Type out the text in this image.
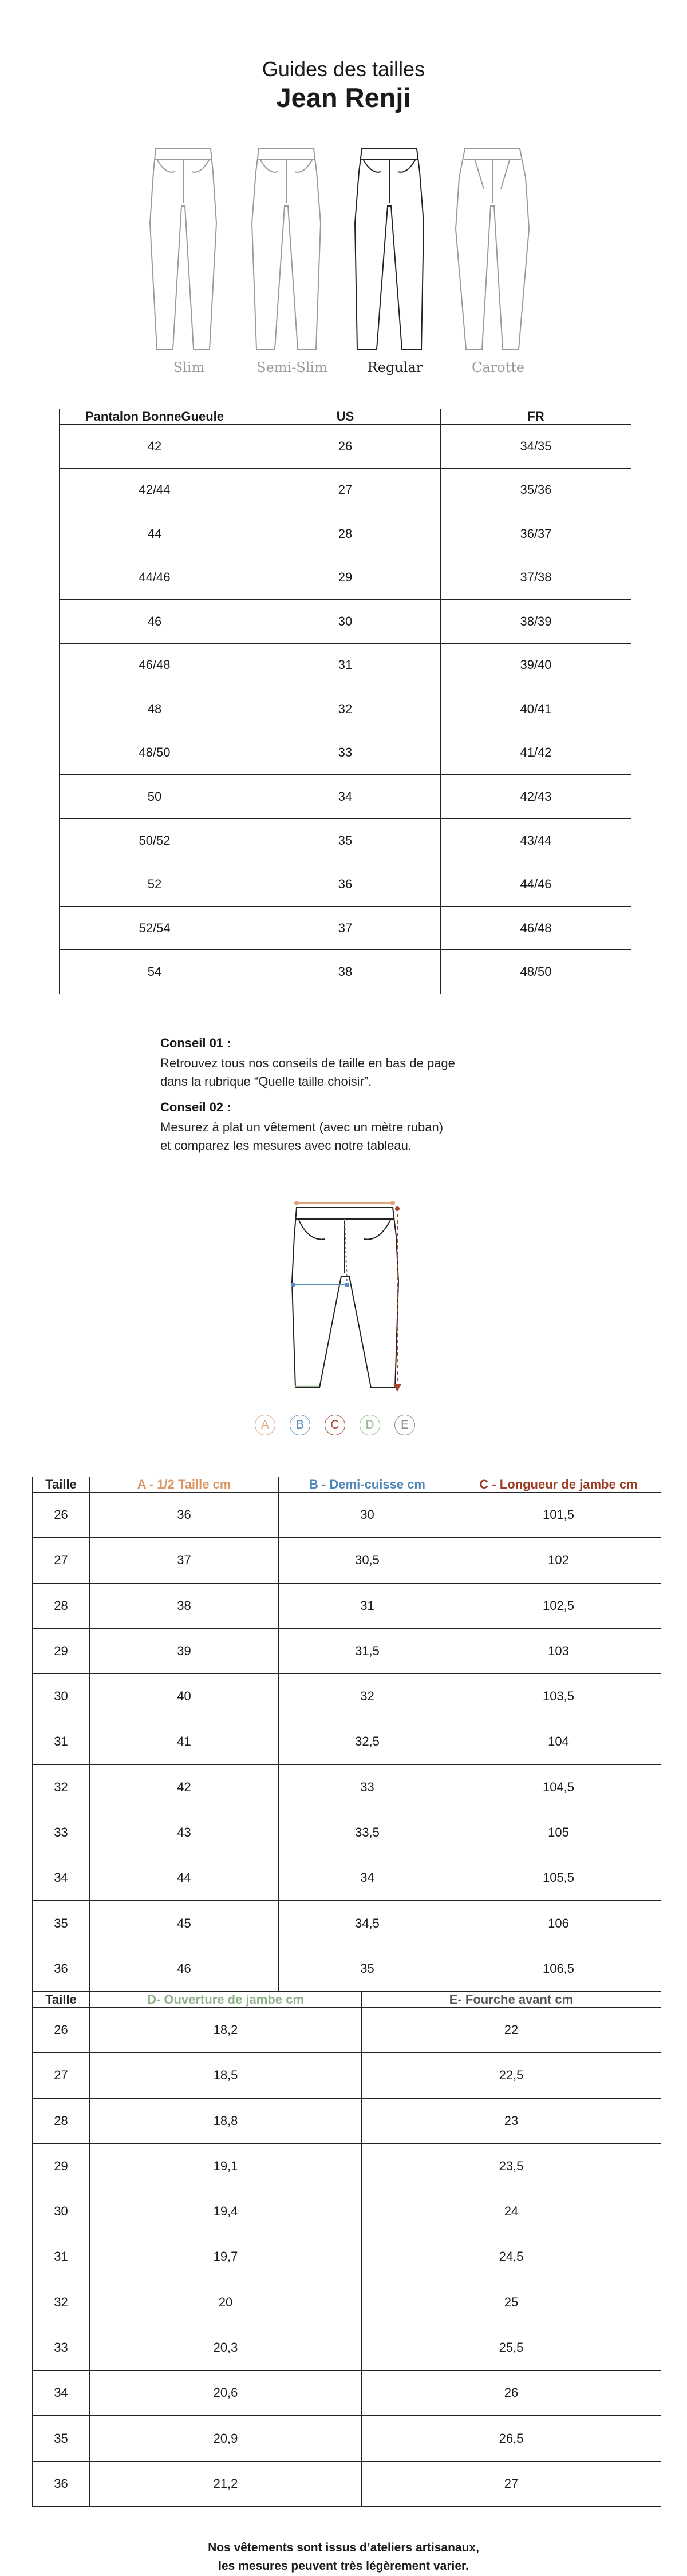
Guides des tailles
Jean Renji
Slim	Semi-Slim	Regular	Carotte
Pantalon BonneGueule	US	FR
42	26	34/35
42/44	27	35/36
44	28	36/37
44/46	29	37/38
46	30	38/39
46/48	31	39/40
48	32	40/41
48/50	33	41/42
50	34	42/43
50/52	35	43/44
52	36	44/46
52/54	37	46/48
54	38	48/50
Conseil 01 :
Retrouvez tous nos conseils de taille en bas de page
dans la rubrique “Quelle taille choisir”.
Conseil 02 :
Mesurez à plat un vêtement (avec un mètre ruban)
et comparez les mesures avec notre tableau.
A	B	C	D	E
Taille	A - 1/2 Taille cm	B - Demi-cuisse cm	C - Longueur de jambe cm
26	36	30	101,5
27	37	30,5	102
28	38	31	102,5
29	39	31,5	103
30	40	32	103,5
31	41	32,5	104
32	42	33	104,5
33	43	33,5	105
34	44	34	105,5
35	45	34,5	106
36	46	35	106,5
Taille	D- Ouverture de jambe cm	E- Fourche avant cm
26	18,2	22
27	18,5	22,5
28	18,8	23
29	19,1	23,5
30	19,4	24
31	19,7	24,5
32	20	25
33	20,3	25,5
34	20,6	26
35	20,9	26,5
36	21,2	27
Nos vêtements sont issus d’ateliers artisanaux,
les mesures peuvent très légèrement varier.
